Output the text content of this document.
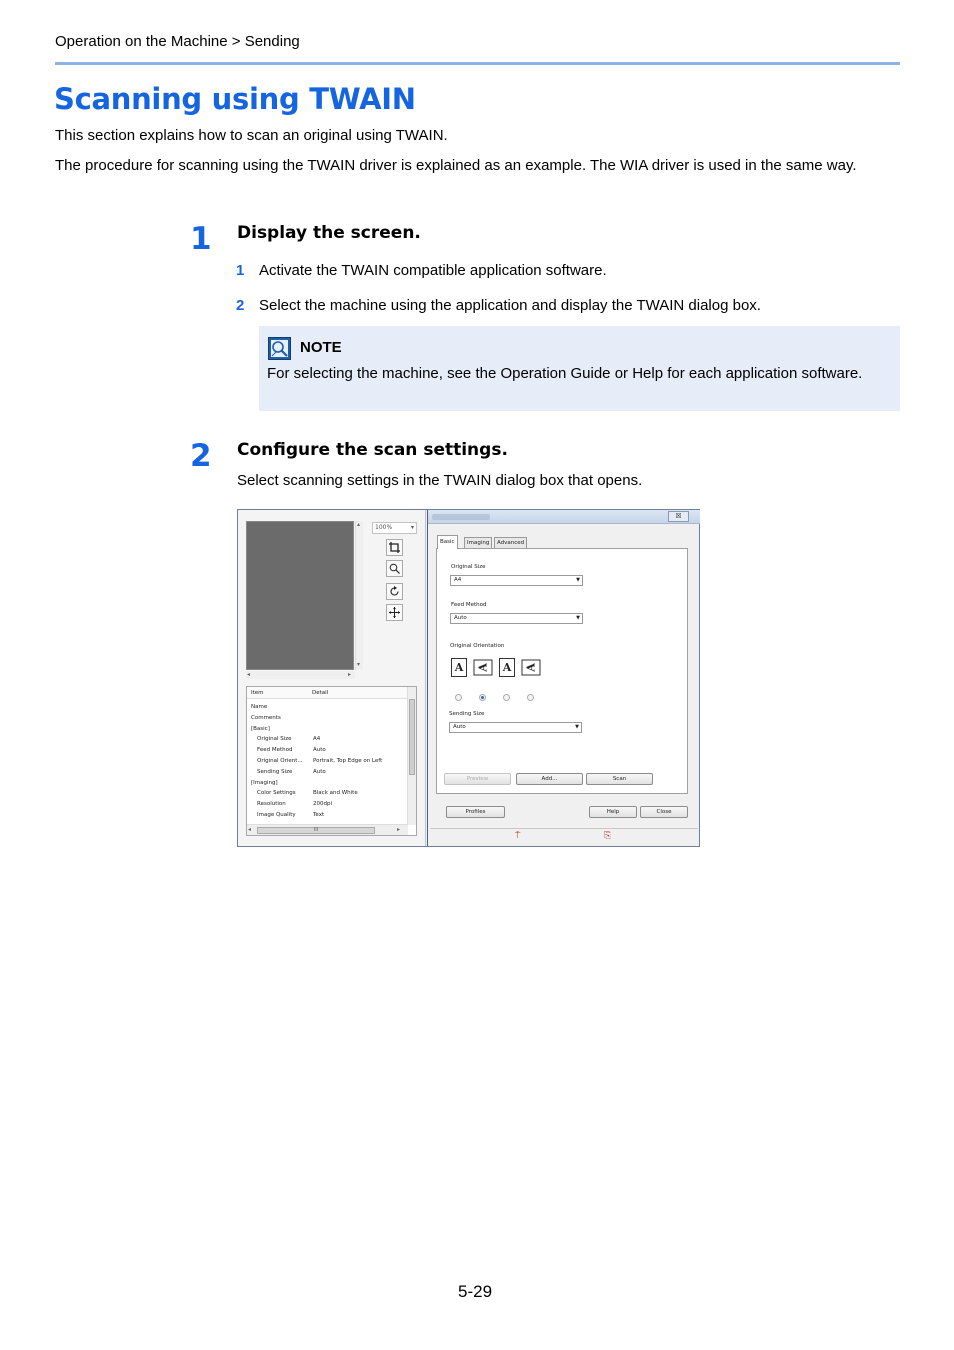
Operation on the Machine > Sending
Scanning using TWAIN

This section explains how to scan an original using TWAIN.

The procedure for scanning using the TWAIN driver is explained as an example. The WIA driver is used in the same way.

1 Display the screen.
1 Activate the TWAIN compatible application software.
2 Select the machine using the application and display the TWAIN dialog box.
NOTE
For selecting the machine, see the Operation Guide or Help for each application software.
2 Configure the scan settings.
Select scanning settings in the TWAIN dialog box that opens.
▴
▾
◂	▸
100%	▾
Item	Detail
Name
Comments
[Basic]
Original Size	A4
Feed Method	Auto
Original Orient... Portrait, Top Edge on Left
Sending Size	Auto
[Imaging]
Color Settings	Black and White
Resolution	200dpi
Image Quality	Text
◂	III	▸
☒
Basic	Imaging	Advanced
Original Size
A4	▼
Feed Method
Auto	▼
Original Orientation
A	A	A	A
Sending Size
Auto	▼
Preview	Add...	Scan
Profiles	Help	Close
⍑	⎘
5-29
